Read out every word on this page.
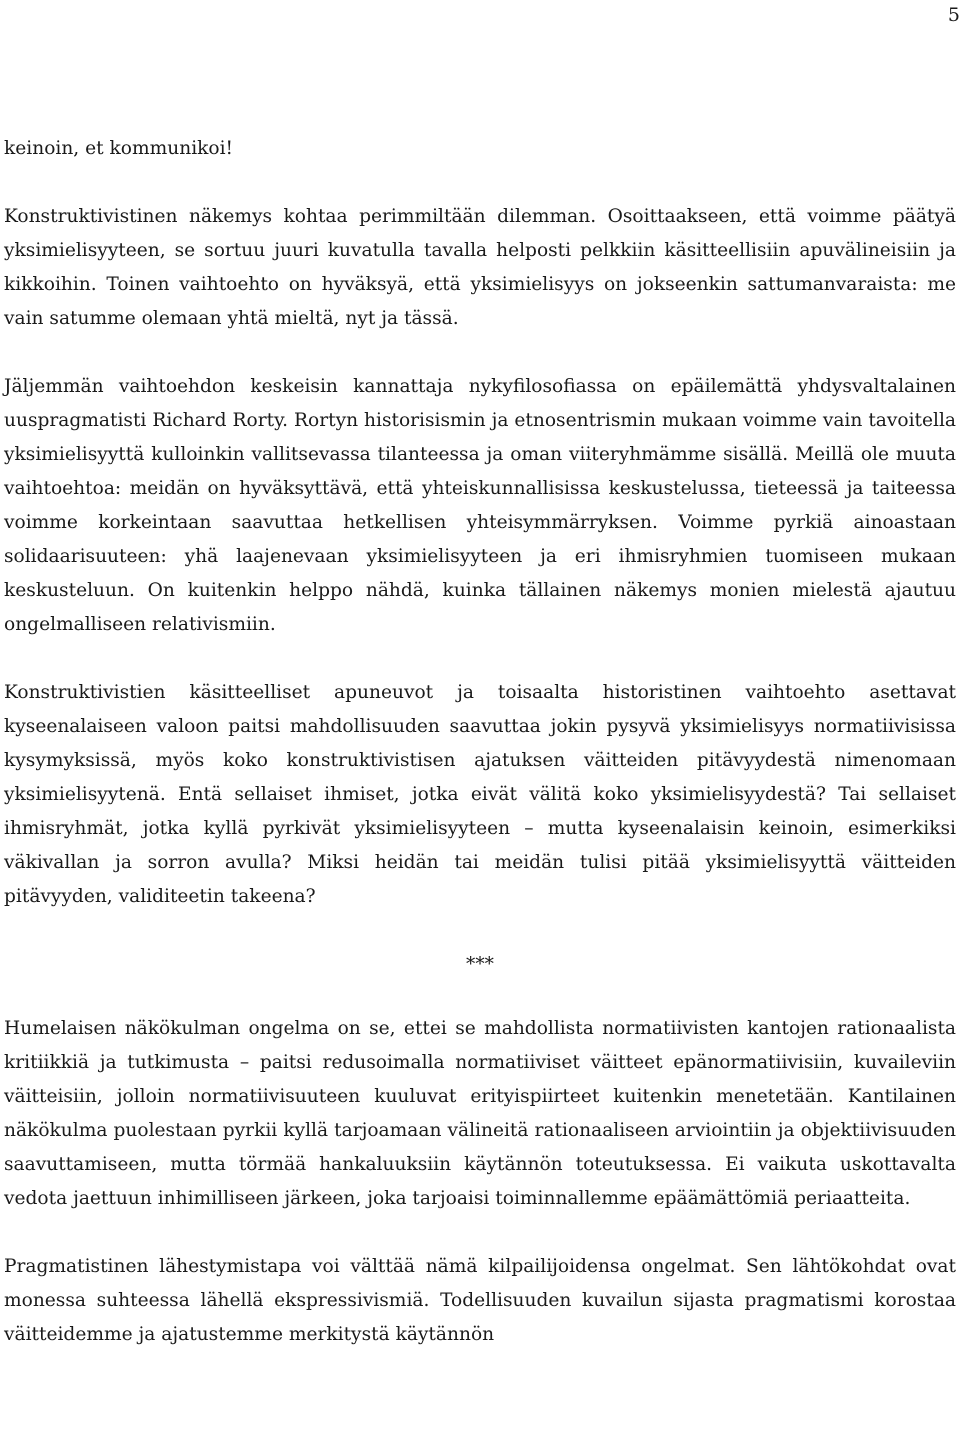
5

keinoin, et kommunikoi!

Konstruktivistinen näkemys kohtaa perimmiltään dilemman. Osoittaakseen, että voimme päätyä yksimielisyyteen, se sortuu juuri kuvatulla tavalla helposti pelkkiin käsitteellisiin apuvälineisiin ja kikkoihin. Toinen vaihtoehto on hyväksyä, että yksimielisyys on jokseenkin sattumanvaraista: me vain satumme olemaan yhtä mieltä, nyt ja tässä.

Jäljemmän vaihtoehdon keskeisin kannattaja nykyfilosofiassa on epäilemättä yhdysvaltalainen uuspragmatisti Richard Rorty. Rortyn historisismin ja etnosentrismin mukaan voimme vain tavoitella yksimielisyyttä kulloinkin vallitsevassa tilanteessa ja oman viiteryhmämme sisällä. Meillä ole muuta vaihtoehtoa: meidän on hyväksyttävä, että yhteiskunnallisissa keskustelussa, tieteessä ja taiteessa voimme korkeintaan saavuttaa hetkellisen yhteisymmärryksen. Voimme pyrkiä ainoastaan solidaarisuuteen: yhä laajenevaan yksimielisyyteen ja eri ihmisryhmien tuomiseen mukaan keskusteluun. On kuitenkin helppo nähdä, kuinka tällainen näkemys monien mielestä ajautuu ongelmalliseen relativismiin.

Konstruktivistien käsitteelliset apuneuvot ja toisaalta historistinen vaihtoehto asettavat kyseenalaiseen valoon paitsi mahdollisuuden saavuttaa jokin pysyvä yksimielisyys normatiivisissa kysymyksissä, myös koko konstruktivistisen ajatuksen väitteiden pitävyydestä nimenomaan yksimielisyytenä. Entä sellaiset ihmiset, jotka eivät välitä koko yksimielisyydestä? Tai sellaiset ihmisryhmät, jotka kyllä pyrkivät yksimielisyyteen – mutta kyseenalaisin keinoin, esimerkiksi väkivallan ja sorron avulla? Miksi heidän tai meidän tulisi pitää yksimielisyyttä väitteiden pitävyyden, validiteetin takeena?

***

Humelaisen näkökulman ongelma on se, ettei se mahdollista normatiivisten kantojen rationaalista kritiikkiä ja tutkimusta – paitsi redusoimalla normatiiviset väitteet epänormatiivisiin, kuvaileviin väitteisiin, jolloin normatiivisuuteen kuuluvat erityispiirteet kuitenkin menetetään. Kantilainen näkökulma puolestaan pyrkii kyllä tarjoamaan välineitä rationaaliseen arviointiin ja objektiivisuuden saavuttamiseen, mutta törmää hankaluuksiin käytännön toteutuksessa. Ei vaikuta uskottavalta vedota jaettuun inhimilliseen järkeen, joka tarjoaisi toiminnallemme epäämättömiä periaatteita.

Pragmatistinen lähestymistapa voi välttää nämä kilpailijoidensa ongelmat. Sen lähtökohdat ovat monessa suhteessa lähellä ekspressivismiä. Todellisuuden kuvailun sijasta pragmatismi korostaa väitteidemme ja ajatustemme merkitystä käytännön
